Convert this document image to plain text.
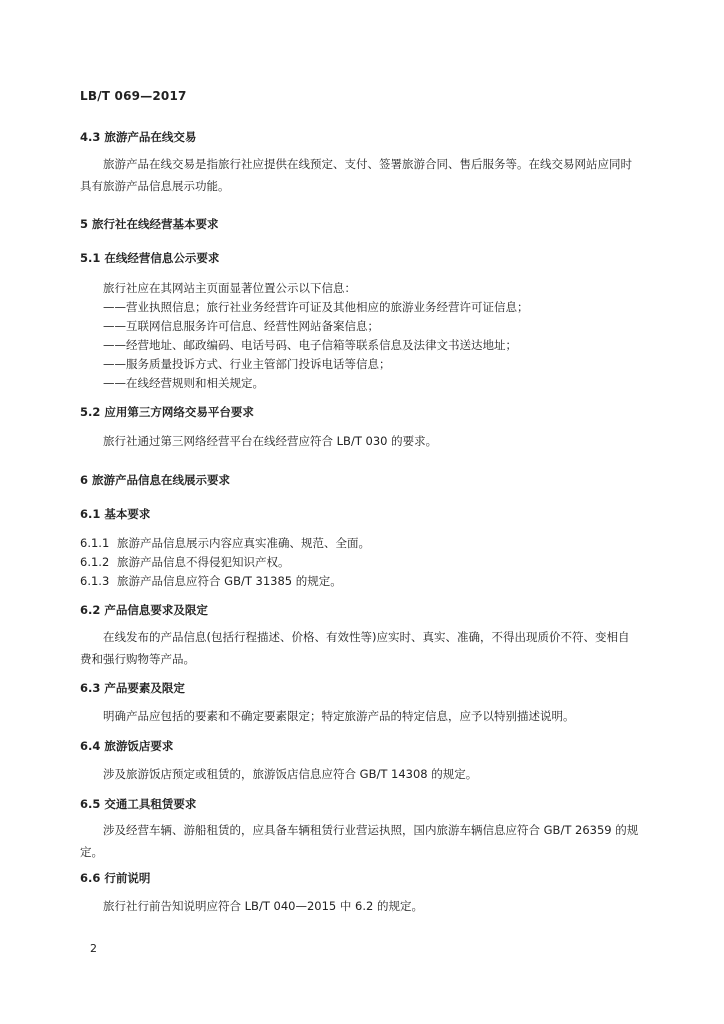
LB/T 069—2017
4.3 旅游产品在线交易
旅游产品在线交易是指旅行社应提供在线预定、支付、签署旅游合同、售后服务等。在线交易网站应同时具有旅游产品信息展示功能。
5 旅行社在线经营基本要求
5.1 在线经营信息公示要求
旅行社应在其网站主页面显著位置公示以下信息：
——营业执照信息；旅行社业务经营许可证及其他相应的旅游业务经营许可证信息；
——互联网信息服务许可信息、经营性网站备案信息；
——经营地址、邮政编码、电话号码、电子信箱等联系信息及法律文书送达地址；
——服务质量投诉方式、行业主管部门投诉电话等信息；
——在线经营规则和相关规定。
5.2 应用第三方网络交易平台要求
旅行社通过第三网络经营平台在线经营应符合 LB/T 030 的要求。
6 旅游产品信息在线展示要求
6.1 基本要求
6.1.1 旅游产品信息展示内容应真实准确、规范、全面。
6.1.2 旅游产品信息不得侵犯知识产权。
6.1.3 旅游产品信息应符合 GB/T 31385 的规定。
6.2 产品信息要求及限定
在线发布的产品信息(包括行程描述、价格、有效性等)应实时、真实、准确，不得出现质价不符、变相自费和强行购物等产品。
6.3 产品要素及限定
明确产品应包括的要素和不确定要素限定；特定旅游产品的特定信息，应予以特别描述说明。
6.4 旅游饭店要求
涉及旅游饭店预定或租赁的，旅游饭店信息应符合 GB/T 14308 的规定。
6.5 交通工具租赁要求
涉及经营车辆、游船租赁的，应具备车辆租赁行业营运执照，国内旅游车辆信息应符合 GB/T 26359 的规定。
6.6 行前说明
旅行社行前告知说明应符合 LB/T 040—2015 中 6.2 的规定。
2
